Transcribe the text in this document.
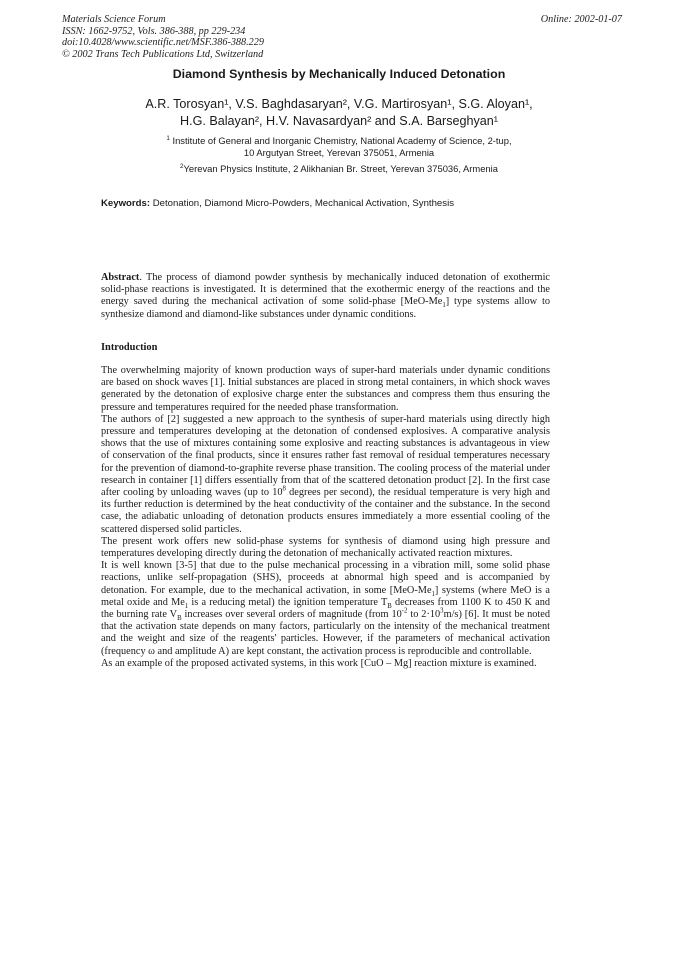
Materials Science Forum
ISSN: 1662-9752, Vols. 386-388, pp 229-234
doi:10.4028/www.scientific.net/MSF.386-388.229
© 2002 Trans Tech Publications Ltd, Switzerland
Online: 2002-01-07
Diamond Synthesis by Mechanically Induced Detonation
A.R. Torosyan¹, V.S. Baghdasaryan², V.G. Martirosyan¹, S.G. Aloyan¹,
H.G. Balayan², H.V. Navasardyan² and S.A. Barseghyan¹
$^1$ Institute of General and Inorganic Chemistry, National Academy of Science, 2-tup,
10 Argutyan Street, Yerevan 375051, Armenia
$^2$Yerevan Physics Institute, 2 Alikhanian Br. Street, Yerevan 375036, Armenia
Keywords: Detonation, Diamond Micro-Powders, Mechanical Activation, Synthesis
Abstract. The process of diamond powder synthesis by mechanically induced detonation of exothermic solid-phase reactions is investigated. It is determined that the exothermic energy of the reactions and the energy saved during the mechanical activation of some solid-phase $[MeO-Me_1]$ type systems allow to synthesize diamond and diamond-like substances under dynamic conditions.
Introduction

The overwhelming majority of known production ways of super-hard materials under dynamic conditions are based on shock waves [1]. Initial substances are placed in strong metal containers, in which shock waves generated by the detonation of explosive charge enter the substances and compress them thus ensuring the pressure and temperatures required for the needed phase transformation.

The authors of [2] suggested a new approach to the synthesis of super-hard materials using directly high pressure and temperatures developing at the detonation of condensed explosives. A comparative analysis shows that the use of mixtures containing some explosive and reacting substances is advantageous in view of conservation of the final products, since it ensures rather fast removal of residual temperatures necessary for the prevention of diamond-to-graphite reverse phase transition. The cooling process of the material under research in container [1] differs essentially from that of the scattered detonation product [2]. In the first case after cooling by unloading waves (up to $10^8$ degrees per second), the residual temperature is very high and its further reduction is determined by the heat conductivity of the container and the substance. In the second case, the adiabatic unloading of detonation products ensures immediately a more essential cooling of the scattered dispersed solid particles.

The present work offers new solid-phase systems for synthesis of diamond using high pressure and temperatures developing directly during the detonation of mechanically activated reaction mixtures.

It is well known [3-5] that due to the pulse mechanical processing in a vibration mill, some solid phase reactions, unlike self-propagation (SHS), proceeds at abnormal high speed and is accompanied by detonation. For example, due to the mechanical activation, in some $[MeO-Me_1]$ systems (where MeO is a metal oxide and $Me_1$ is a reducing metal) the ignition temperature $T_B$ decreases from 1100 K to 450 K and the burning rate $V_B$ increases over several orders of magnitude (from $10^{-2}$ to $2\cdot 10^3m/s$) [6]. It must be noted that the activation state depends on many factors, particularly on the intensity of the mechanical treatment and the weight and size of the reagents' particles. However, if the parameters of mechanical activation (frequency ω and amplitude A) are kept constant, the activation process is reproducible and controllable.

As an example of the proposed activated systems, in this work [CuO – Mg] reaction mixture is examined.
